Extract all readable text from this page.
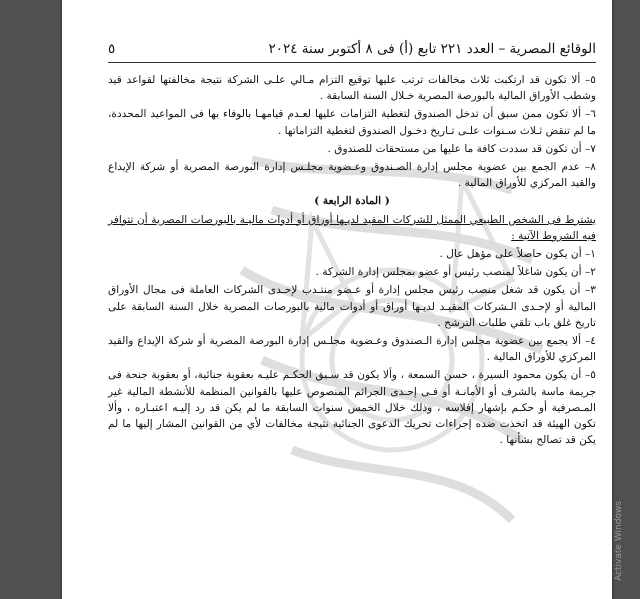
الوقائع المصرية – العدد ٢٢١ تابع (أ) فى ٨ أكتوبر سنة ٢٠٢٤
٥

٥– ألا تكون قد ارتكبت ثلاث مخالفات ترتب عليها توقيع التزام مـالي علـى الشركة نتيجة مخالفتها لقواعد قيد وشطب الأوراق المالية بالبورصة المصرية خـلال السنة السابقة .

٦– ألا تكون ممن سبق أن تدخل الصندوق لتغطية التزامات عليها لعـدم قيامهـا بالوفاء بها فى المواعيد المحددة، ما لم تنقض ثـلاث سـنوات علـى تـاريخ دخـول الصندوق لتغطية التزاماتها .

٧– أن تكون قد سددت كافة ما عليها من مستحقات للصندوق .

٨– عدم الجمع بين عضوية مجلس إدارة الصـندوق وعـضوية مجلـس إدارة البورصة المصرية أو شركة الإيداع والقيد المركزي للأوراق المالية .

( المادة الرابعة )

يشترط فى الشخص الطبيعي الممثل للشركات المقيد لديـها أوراق أو أدوات ماليـة بالبورصات المصرية أن تتوافر فيه الشروط الآتية :

١– أن يكون حاصلاً على مؤهل عال .

٢– أن يكون شاغلاً لمنصب رئيس أو عضو بمجلس إدارة الشركة .

٣– أن يكون قد شغل منصب رئيس مجلس إدارة أو عـضو منتـدب لإحـدى الشركات العاملة فى مجال الأوراق المالية أو لإحـدى الـشركات المقيـد لديـها أوراق أو أدوات مالية بالبورصات المصرية خلال السنة السابقة على تاريخ غلق باب تلقي طلبات الترشح .

٤– ألا يجمع بين عضوية مجلس إدارة الـصندوق وعـضوية مجلـس إدارة البورصة المصرية أو شركة الإيداع والقيد المركزي للأوراق المالية .

٥– أن يكون محمود السيرة ، حسن السمعة ، وألا يكون قد سـبق الحكـم عليـه بعقوبة جنائية، أو بعقوبة جنحة فى جريمة ماسة بالشرف أو الأمانـة أو فـى إحـدى الجرائم المنصوص عليها بالقوانين المنظمة للأنشطة المالية غير المـصرفية أو حكـم بإشهار إفلاسه ، وذلك خلال الخمس سنوات السابقة ما لم يكن قد رد إليـه اعتبـاره ، وألا تكون الهيئة قد اتخذت ضده إجراءات تحريك الدعوى الجنائية نتيجة مخالفات لأي من القوانين المشار إليها ما لم يكن قد تصالح بشأنها .

Activate Windows
